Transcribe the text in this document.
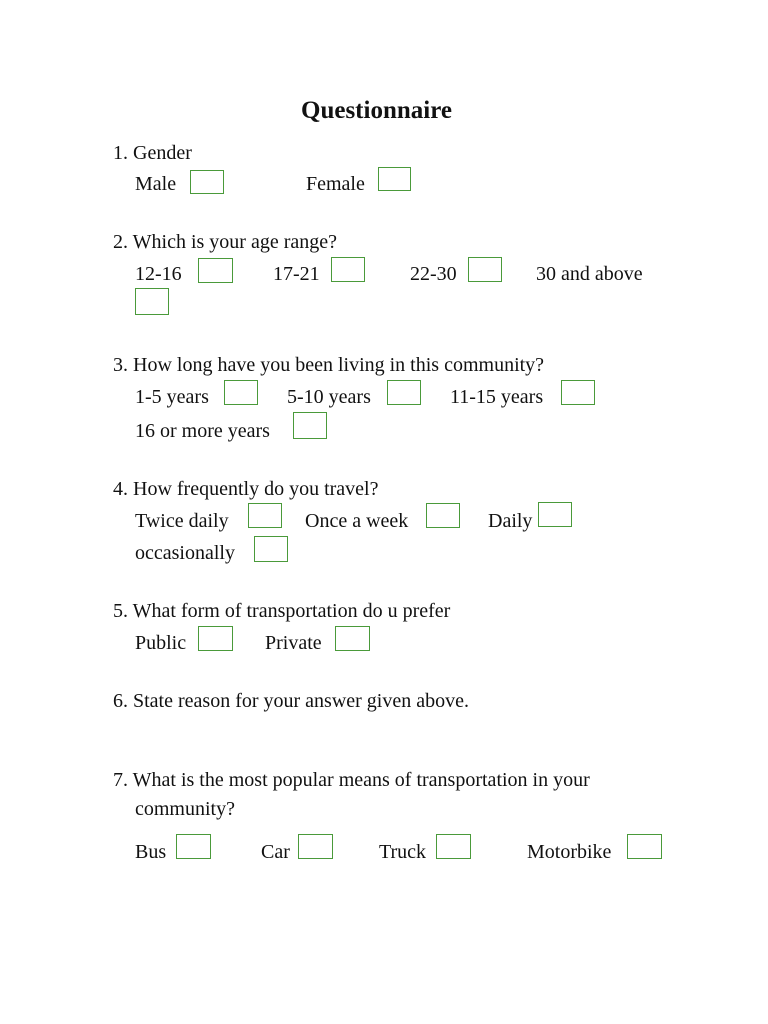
Questionnaire
1. Gender
Male	Female
2. Which is your age range?
12-16	17-21	22-30	30 and above
3. How long have you been living in this community?
1-5 years	5-10 years	11-15 years
16 or more years
4. How frequently do you travel?
Twice daily	Once a week	Daily
occasionally
5. What form of transportation do u prefer
Public	Private
6. State reason for your answer given above.
7. What is the most popular means of transportation in your
community?
Bus	Car	Truck	Motorbike
